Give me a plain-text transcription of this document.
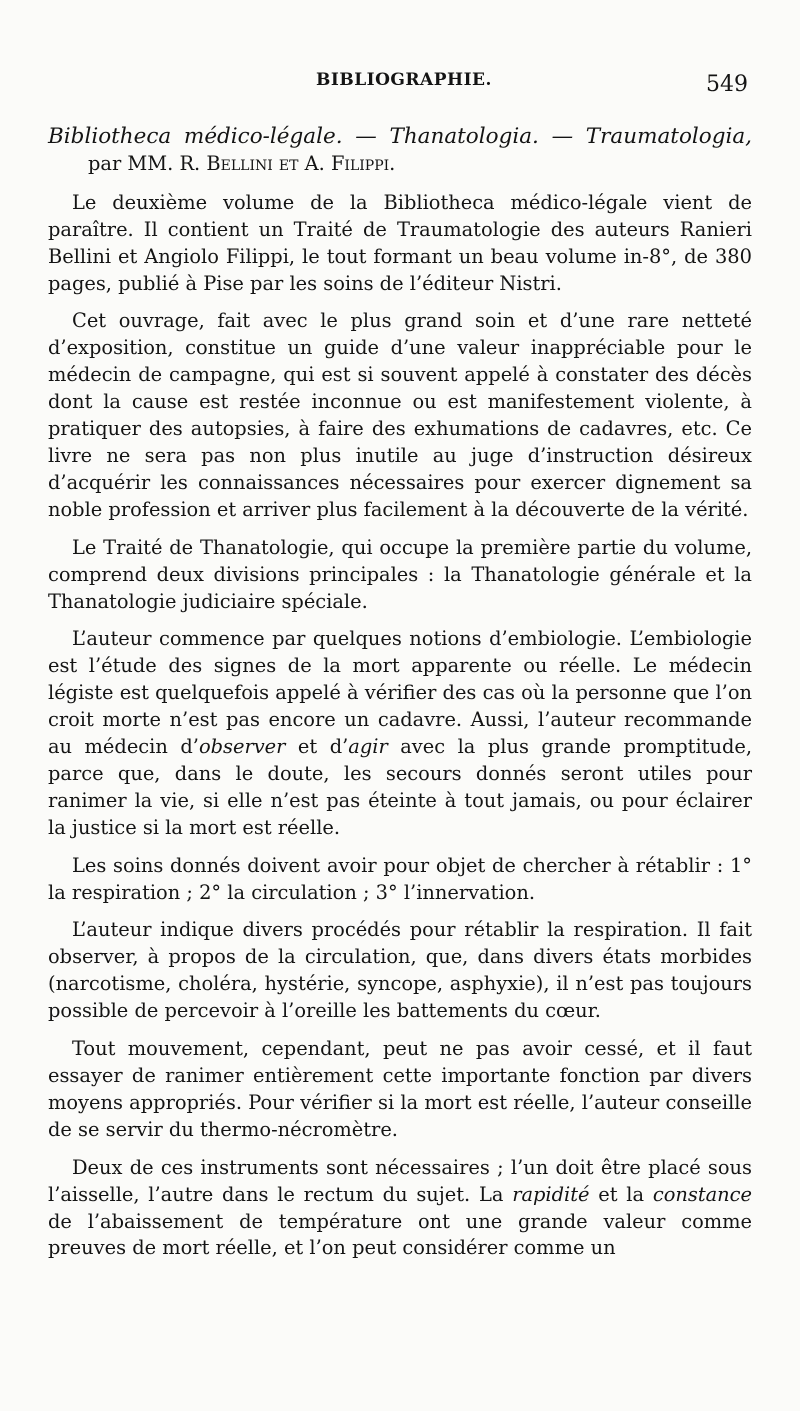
BIBLIOGRAPHIE.	549

Bibliotheca médico-légale. — Thanatologia. — Traumatologia,

par MM. R. Bellini et A. Filippi.

Le deuxième volume de la Bibliotheca médico-légale vient de paraître. Il contient un Traité de Traumatologie des auteurs Ranieri Bellini et Angiolo Filippi, le tout formant un beau volume in-8°, de 380 pages, publié à Pise par les soins de l’éditeur Nistri.

Cet ouvrage, fait avec le plus grand soin et d’une rare netteté d’exposition, constitue un guide d’une valeur inappréciable pour le médecin de campagne, qui est si souvent appelé à constater des décès dont la cause est restée inconnue ou est manifestement violente, à pratiquer des autopsies, à faire des exhumations de cadavres, etc. Ce livre ne sera pas non plus inutile au juge d’instruction désireux d’acquérir les connaissances nécessaires pour exercer dignement sa noble profession et arriver plus facilement à la découverte de la vérité.

Le Traité de Thanatologie, qui occupe la première partie du volume, comprend deux divisions principales : la Thanatologie générale et la Thanatologie judiciaire spéciale.

L’auteur commence par quelques notions d’embiologie. L’embiologie est l’étude des signes de la mort apparente ou réelle. Le médecin légiste est quelquefois appelé à vérifier des cas où la personne que l’on croit morte n’est pas encore un cadavre. Aussi, l’auteur recommande au médecin d’observer et d’agir avec la plus grande promptitude, parce que, dans le doute, les secours donnés seront utiles pour ranimer la vie, si elle n’est pas éteinte à tout jamais, ou pour éclairer la justice si la mort est réelle.

Les soins donnés doivent avoir pour objet de chercher à rétablir : 1° la respiration ; 2° la circulation ; 3° l’innervation.

L’auteur indique divers procédés pour rétablir la respiration. Il fait observer, à propos de la circulation, que, dans divers états morbides (narcotisme, choléra, hystérie, syncope, asphyxie), il n’est pas toujours possible de percevoir à l’oreille les battements du cœur.

Tout mouvement, cependant, peut ne pas avoir cessé, et il faut essayer de ranimer entièrement cette importante fonction par divers moyens appropriés. Pour vérifier si la mort est réelle, l’auteur conseille de se servir du thermo-nécromètre.

Deux de ces instruments sont nécessaires ; l’un doit être placé sous l’aisselle, l’autre dans le rectum du sujet. La rapidité et la constance de l’abaissement de température ont une grande valeur comme preuves de mort réelle, et l’on peut considérer comme un
